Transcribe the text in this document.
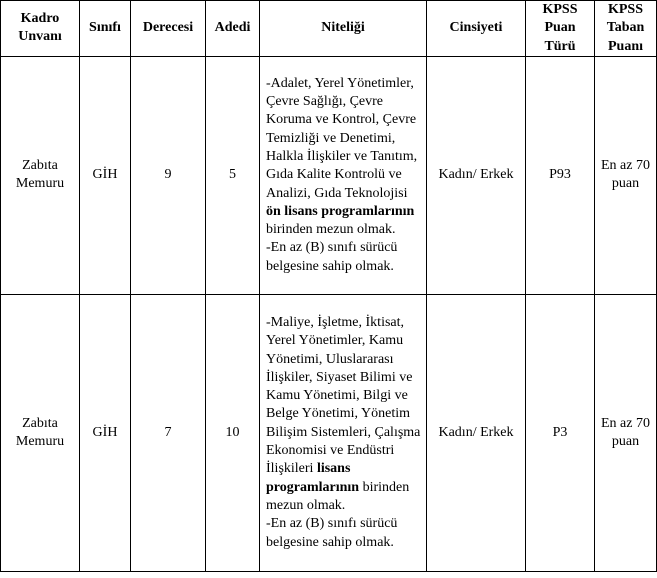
Kadro Unvanı	Sınıfı	Derecesi	Adedi	Niteliği	Cinsiyeti	KPSS Puan Türü	KPSS Taban Puanı
Zabıta Memuru	GİH	9	5	-Adalet, Yerel Yönetimler, Çevre Sağlığı, Çevre Koruma ve Kontrol, Çevre Temizliği ve Denetimi, Halkla İlişkiler ve Tanıtım, Gıda Kalite Kontrolü ve Analizi, Gıda Teknolojisi ön lisans programlarının birinden mezun olmak.
-En az (B) sınıfı sürücü belgesine sahip olmak.	Kadın/ Erkek	P93	En az 70 puan
Zabıta Memuru	GİH	7	10	-Maliye, İşletme, İktisat, Yerel Yönetimler, Kamu Yönetimi, Uluslararası İlişkiler, Siyaset Bilimi ve Kamu Yönetimi, Bilgi ve Belge Yönetimi, Yönetim Bilişim Sistemleri, Çalışma Ekonomisi ve Endüstri İlişkileri lisans programlarının birinden mezun olmak.
-En az (B) sınıfı sürücü belgesine sahip olmak.	Kadın/ Erkek	P3	En az 70 puan
